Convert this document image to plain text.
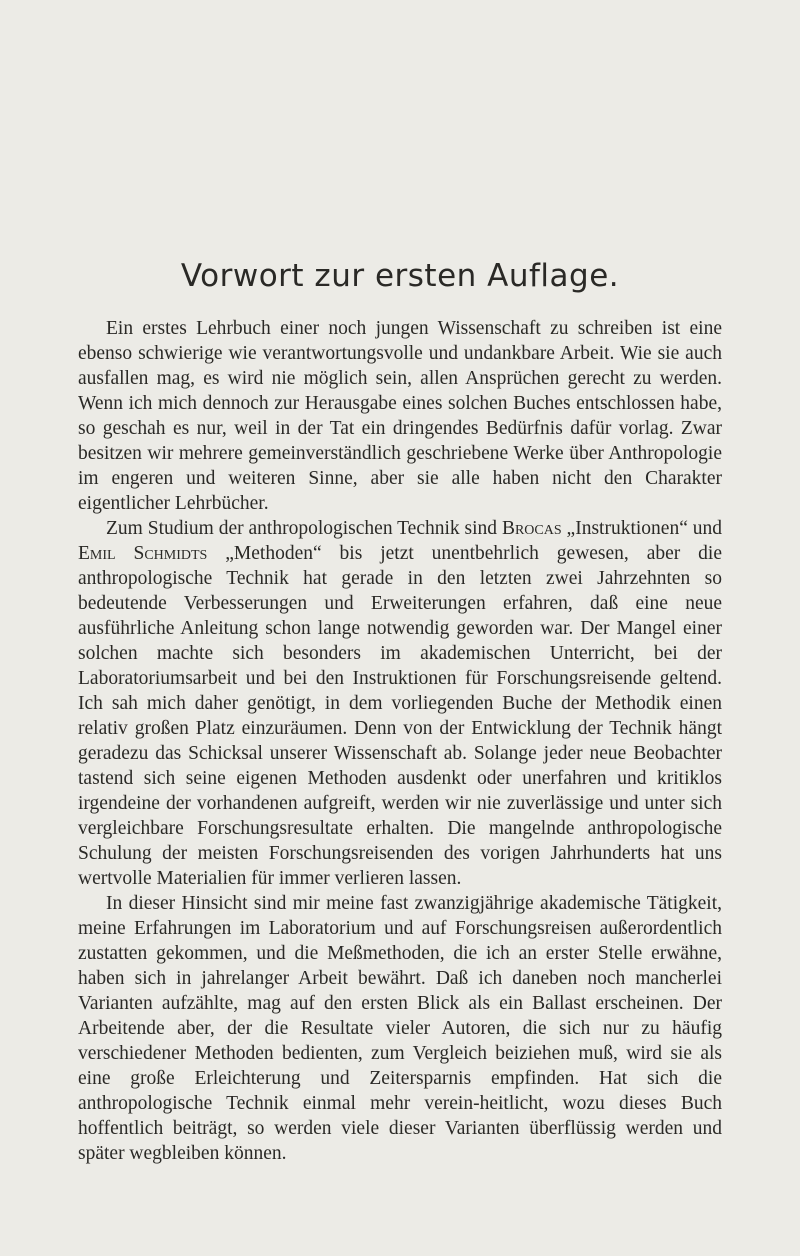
Vorwort zur ersten Auflage.

Ein erstes Lehrbuch einer noch jungen Wissenschaft zu schreiben ist eine ebenso schwierige wie verantwortungsvolle und undankbare Arbeit. Wie sie auch ausfallen mag, es wird nie möglich sein, allen Ansprüchen gerecht zu werden. Wenn ich mich dennoch zur Herausgabe eines solchen Buches entschlossen habe, so geschah es nur, weil in der Tat ein dringendes Bedürfnis dafür vorlag. Zwar besitzen wir mehrere gemeinverständlich geschriebene Werke über Anthropologie im engeren und weiteren Sinne, aber sie alle haben nicht den Charakter eigentlicher Lehrbücher.

Zum Studium der anthropologischen Technik sind Brocas „Instruktionen“ und Emil Schmidts „Methoden“ bis jetzt unentbehrlich gewesen, aber die anthropologische Technik hat gerade in den letzten zwei Jahrzehnten so bedeutende Verbesserungen und Erweiterungen erfahren, daß eine neue ausführliche Anleitung schon lange notwendig geworden war. Der Mangel einer solchen machte sich besonders im akademischen Unterricht, bei der Laboratoriumsarbeit und bei den Instruktionen für Forschungsreisende geltend. Ich sah mich daher genötigt, in dem vorliegenden Buche der Methodik einen relativ großen Platz einzuräumen. Denn von der Entwicklung der Technik hängt geradezu das Schicksal unserer Wissenschaft ab. Solange jeder neue Beobachter tastend sich seine eigenen Methoden ausdenkt oder unerfahren und kritiklos irgendeine der vorhandenen aufgreift, werden wir nie zuverlässige und unter sich vergleichbare Forschungsresultate erhalten. Die mangelnde anthropologische Schulung der meisten Forschungsreisenden des vorigen Jahrhunderts hat uns wertvolle Materialien für immer verlieren lassen.

In dieser Hinsicht sind mir meine fast zwanzigjährige akademische Tätigkeit, meine Erfahrungen im Laboratorium und auf Forschungsreisen außerordentlich zustatten gekommen, und die Meßmethoden, die ich an erster Stelle erwähne, haben sich in jahrelanger Arbeit bewährt. Daß ich daneben noch mancherlei Varianten aufzählte, mag auf den ersten Blick als ein Ballast erscheinen. Der Arbeitende aber, der die Resultate vieler Autoren, die sich nur zu häufig verschiedener Methoden bedienten, zum Vergleich beiziehen muß, wird sie als eine große Erleichterung und Zeitersparnis empfinden. Hat sich die anthropologische Technik einmal mehr verein-heitlicht, wozu dieses Buch hoffentlich beiträgt, so werden viele dieser Varianten überflüssig werden und später wegbleiben können.
